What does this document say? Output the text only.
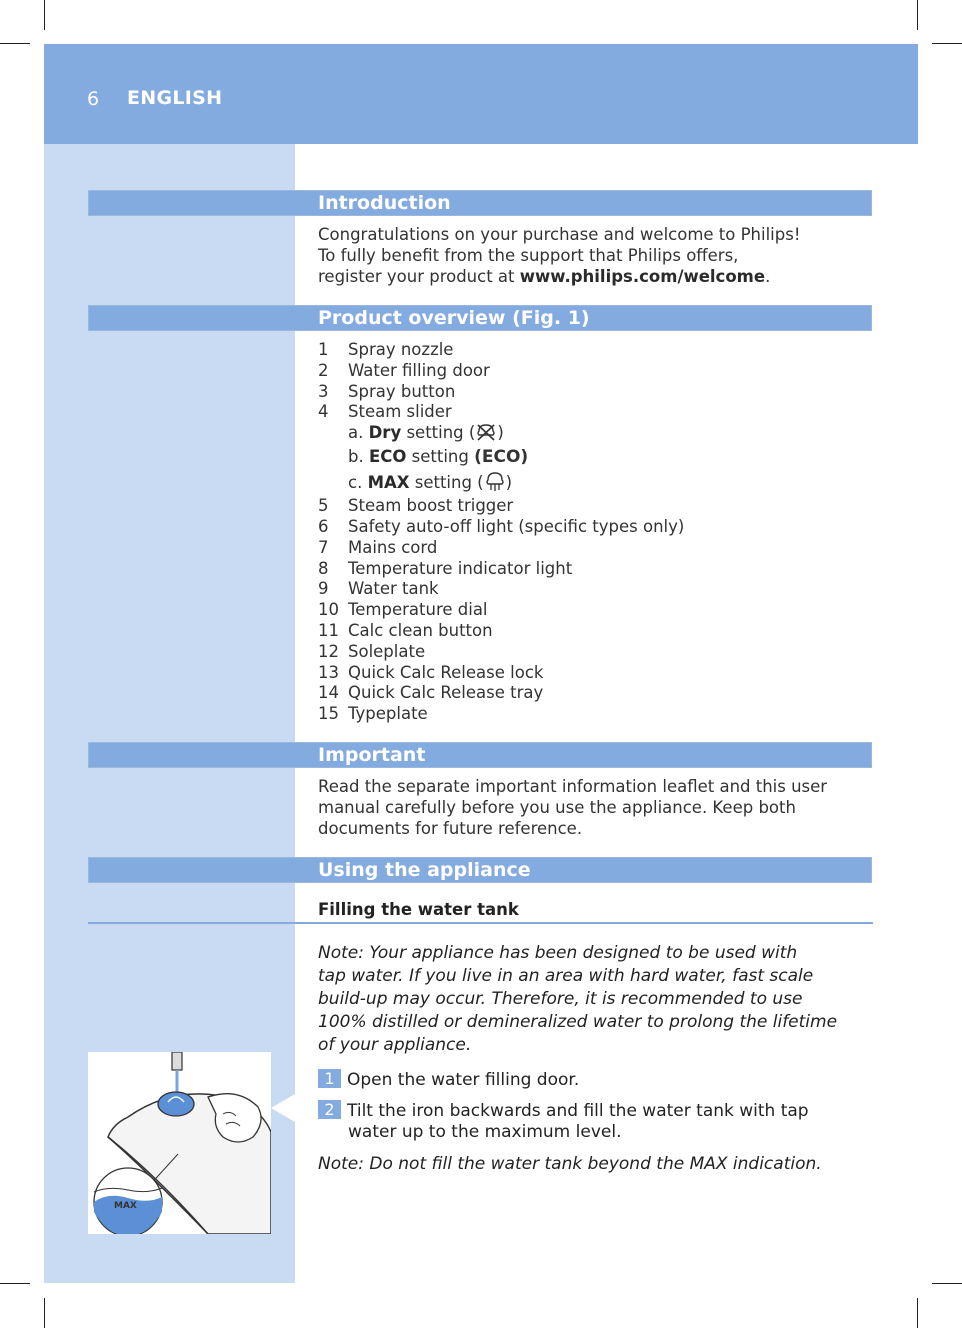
6 ENGLISH
Introduction
Congratulations on your purchase and welcome to Philips!
To fully benefit from the support that Philips offers,
register your product at www.philips.com/welcome.
Product overview (Fig. 1)
1 Spray nozzle
2 Water filling door
3 Spray button
4 Steam slider
a. Dry setting ( )
b. ECO setting (ECO)
c. MAX setting ( )
5 Steam boost trigger
6 Safety auto-off light (specific types only)
7 Mains cord
8 Temperature indicator light
9 Water tank
10 Temperature dial
11 Calc clean button
12 Soleplate
13 Quick Calc Release lock
14 Quick Calc Release tray
15 Typeplate
Important
Read the separate important information leaflet and this user
manual carefully before you use the appliance. Keep both
documents for future reference.
Using the appliance
Filling the water tank
Note: Your appliance has been designed to be used with
tap water. If you live in an area with hard water, fast scale
build-up may occur. Therefore, it is recommended to use
100% distilled or demineralized water to prolong the lifetime
of your appliance.
1 Open the water filling door.
2 Tilt the iron backwards and fill the water tank with tap
water up to the maximum level.
Note: Do not fill the water tank beyond the MAX indication.
MAX
